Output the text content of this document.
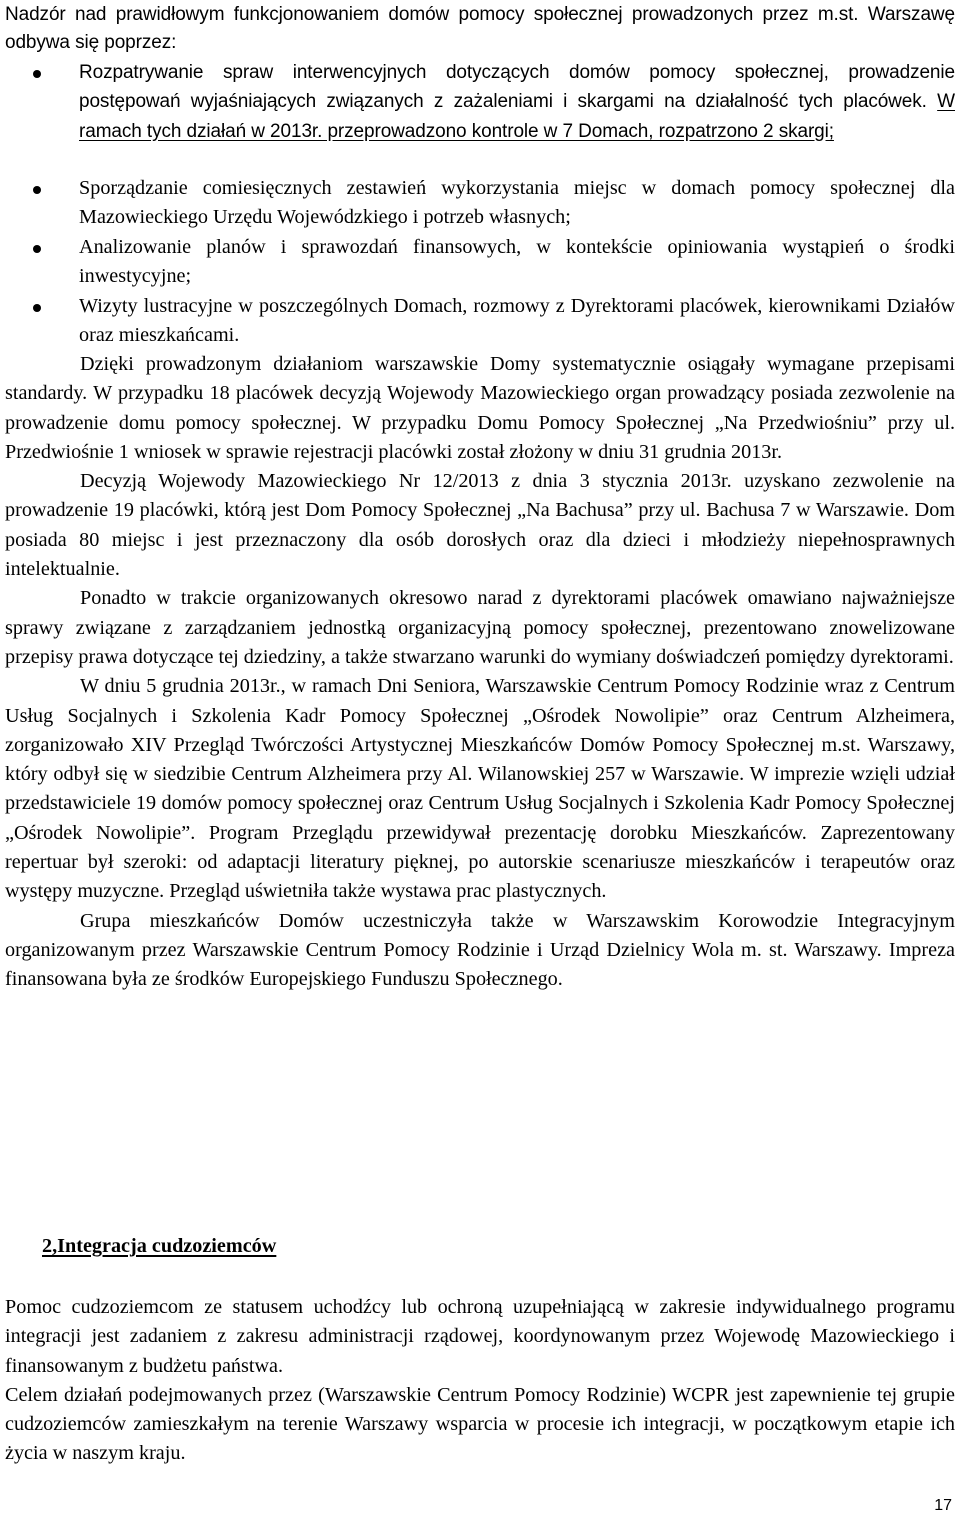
Nadzór nad prawidłowym funkcjonowaniem domów pomocy społecznej prowadzonych przez m.st. Warszawę odbywa się poprzez:

Rozpatrywanie spraw interwencyjnych dotyczących domów pomocy społecznej, prowadzenie postępowań wyjaśniających związanych z zażaleniami i skargami na działalność tych placówek. W ramach tych działań w 2013r. przeprowadzono kontrole w 7 Domach, rozpatrzono 2 skargi;
Sporządzanie comiesięcznych zestawień wykorzystania miejsc w domach pomocy społecznej dla Mazowieckiego Urzędu Wojewódzkiego i potrzeb własnych;
Analizowanie planów i sprawozdań finansowych, w kontekście opiniowania wystąpień o środki inwestycyjne;
Wizyty lustracyjne w poszczególnych Domach, rozmowy z Dyrektorami placówek, kierownikami Działów oraz mieszkańcami.

Dzięki prowadzonym działaniom warszawskie Domy systematycznie osiągały wymagane przepisami standardy. W przypadku 18 placówek decyzją Wojewody Mazowieckiego organ prowadzący posiada zezwolenie na prowadzenie domu pomocy społecznej. W przypadku Domu Pomocy Społecznej „Na Przedwiośniu” przy ul. Przedwiośnie 1 wniosek w sprawie rejestracji placówki został złożony w dniu 31 grudnia 2013r.

Decyzją Wojewody Mazowieckiego Nr 12/2013 z dnia 3 stycznia 2013r. uzyskano zezwolenie na prowadzenie 19 placówki, którą jest Dom Pomocy Społecznej „Na Bachusa” przy ul. Bachusa 7 w Warszawie. Dom posiada 80 miejsc i jest przeznaczony dla osób dorosłych oraz dla dzieci i młodzieży niepełnosprawnych intelektualnie.

Ponadto w trakcie organizowanych okresowo narad z dyrektorami placówek omawiano najważniejsze sprawy związane z zarządzaniem jednostką organizacyjną pomocy społecznej, prezentowano znowelizowane przepisy prawa dotyczące tej dziedziny, a także stwarzano warunki do wymiany doświadczeń pomiędzy dyrektorami.

W dniu 5 grudnia 2013r., w ramach Dni Seniora, Warszawskie Centrum Pomocy Rodzinie wraz z Centrum Usług Socjalnych i Szkolenia Kadr Pomocy Społecznej „Ośrodek Nowolipie” oraz Centrum Alzheimera, zorganizowało XIV Przegląd Twórczości Artystycznej Mieszkańców Domów Pomocy Społecznej m.st. Warszawy, który odbył się w siedzibie Centrum Alzheimera przy Al. Wilanowskiej 257 w Warszawie. W imprezie wzięli udział przedstawiciele 19 domów pomocy społecznej oraz Centrum Usług Socjalnych i Szkolenia Kadr Pomocy Społecznej „Ośrodek Nowolipie”. Program Przeglądu przewidywał prezentację dorobku Mieszkańców. Zaprezentowany repertuar był szeroki: od adaptacji literatury pięknej, po autorskie scenariusze mieszkańców i terapeutów oraz występy muzyczne. Przegląd uświetniła także wystawa prac plastycznych.

Grupa mieszkańców Domów uczestniczyła także w Warszawskim Korowodzie Integracyjnym organizowanym przez Warszawskie Centrum Pomocy Rodzinie i Urząd Dzielnicy Wola m. st. Warszawy. Impreza finansowana była ze środków Europejskiego Funduszu Społecznego.

2,Integracja cudzoziemców

Pomoc cudzoziemcom ze statusem uchodźcy lub ochroną uzupełniającą w zakresie indywidualnego programu integracji jest zadaniem z zakresu administracji rządowej, koordynowanym przez Wojewodę Mazowieckiego i finansowanym z budżetu państwa.

Celem działań podejmowanych przez (Warszawskie Centrum Pomocy Rodzinie) WCPR jest zapewnienie tej grupie cudzoziemców zamieszkałym na terenie Warszawy wsparcia w procesie ich integracji, w początkowym etapie ich życia w naszym kraju.

17
